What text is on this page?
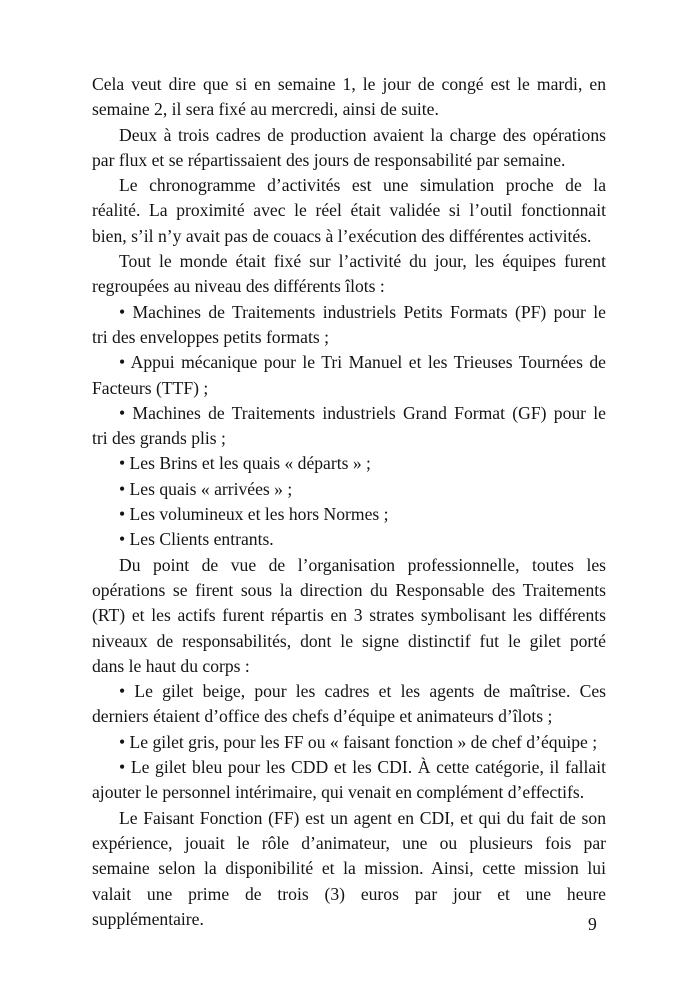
Cela veut dire que si en semaine 1, le jour de congé est le mardi, en
semaine 2, il sera fixé au mercredi, ainsi de suite.
Deux à trois cadres de production avaient la charge des opérations
par flux et se répartissaient des jours de responsabilité par semaine.
Le chronogramme d’activités est une simulation proche de la
réalité. La proximité avec le réel était validée si l’outil fonctionnait
bien, s’il n’y avait pas de couacs à l’exécution des différentes activités.
Tout le monde était fixé sur l’activité du jour, les équipes furent
regroupées au niveau des différents îlots :
• Machines de Traitements industriels Petits Formats (PF) pour le
tri des enveloppes petits formats ;
• Appui mécanique pour le Tri Manuel et les Trieuses Tournées de
Facteurs (TTF) ;
• Machines de Traitements industriels Grand Format (GF) pour le
tri des grands plis ;
• Les Brins et les quais « départs » ;
• Les quais « arrivées » ;
• Les volumineux et les hors Normes ;
• Les Clients entrants.
Du point de vue de l’organisation professionnelle, toutes les
opérations se firent sous la direction du Responsable des Traitements
(RT) et les actifs furent répartis en 3 strates symbolisant les différents
niveaux de responsabilités, dont le signe distinctif fut le gilet porté
dans le haut du corps :
• Le gilet beige, pour les cadres et les agents de maîtrise. Ces
derniers étaient d’office des chefs d’équipe et animateurs d’îlots ;
• Le gilet gris, pour les FF ou « faisant fonction » de chef d’équipe ;
• Le gilet bleu pour les CDD et les CDI. À cette catégorie, il fallait
ajouter le personnel intérimaire, qui venait en complément d’effectifs.
Le Faisant Fonction (FF) est un agent en CDI, et qui du fait de son
expérience, jouait le rôle d’animateur, une ou plusieurs fois par
semaine selon la disponibilité et la mission. Ainsi, cette mission lui
valait une prime de trois (3) euros par jour et une heure
supplémentaire.	9
